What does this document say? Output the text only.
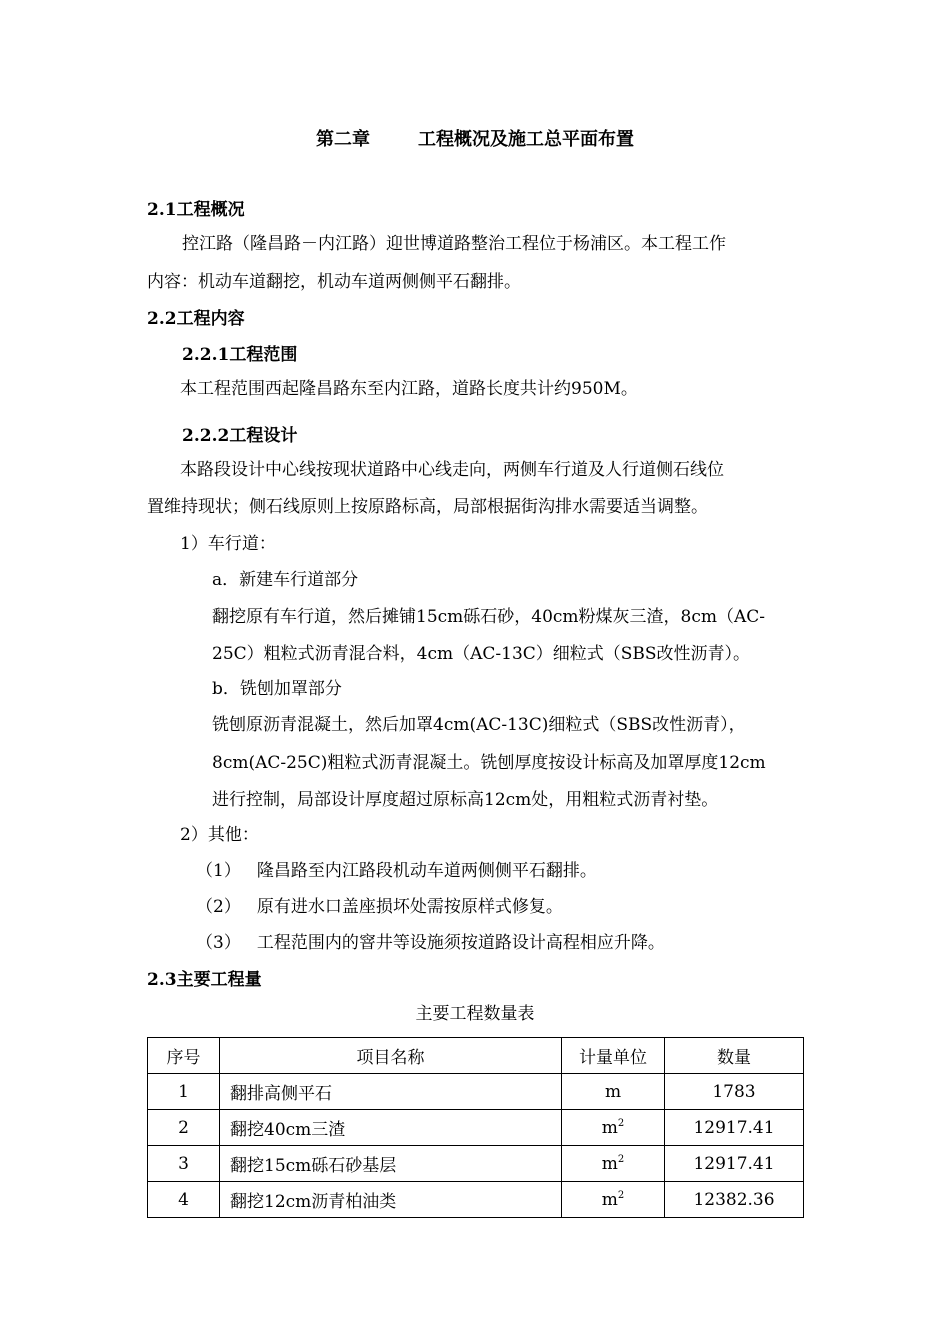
第二章	工程概况及施工总平面布置
2.1工程概况
控江路（隆昌路－内江路）迎世博道路整治工程位于杨浦区。本工程工作
内容：机动车道翻挖，机动车道两侧侧平石翻排。
2.2工程内容
2.2.1工程范围
本工程范围西起隆昌路东至内江路，道路长度共计约950M。
2.2.2工程设计
本路段设计中心线按现状道路中心线走向，两侧车行道及人行道侧石线位
置维持现状；侧石线原则上按原路标高，局部根据街沟排水需要适当调整。
1）车行道：
a．新建车行道部分
翻挖原有车行道，然后摊铺15cm砾石砂，40cm粉煤灰三渣，8cm（AC-
25C）粗粒式沥青混合料，4cm（AC-13C）细粒式（SBS改性沥青）。
b．铣刨加罩部分
铣刨原沥青混凝土，然后加罩4cm(AC-13C)细粒式（SBS改性沥青），
8cm(AC-25C)粗粒式沥青混凝土。铣刨厚度按设计标高及加罩厚度12cm
进行控制，局部设计厚度超过原标高12cm处，用粗粒式沥青衬垫。
2）其他：
（1） 隆昌路至内江路段机动车道两侧侧平石翻排。
（2） 原有进水口盖座损坏处需按原样式修复。
（3） 工程范围内的窨井等设施须按道路设计高程相应升降。
2.3主要工程量
主要工程数量表
序号	项目名称	计量单位	数量
1	翻排高侧平石	m	1783
2	翻挖40cm三渣	$m^2$	12917.41
3	翻挖15cm砾石砂基层	$m^2$	12917.41
4	翻挖12cm沥青柏油类	$m^2$	12382.36
